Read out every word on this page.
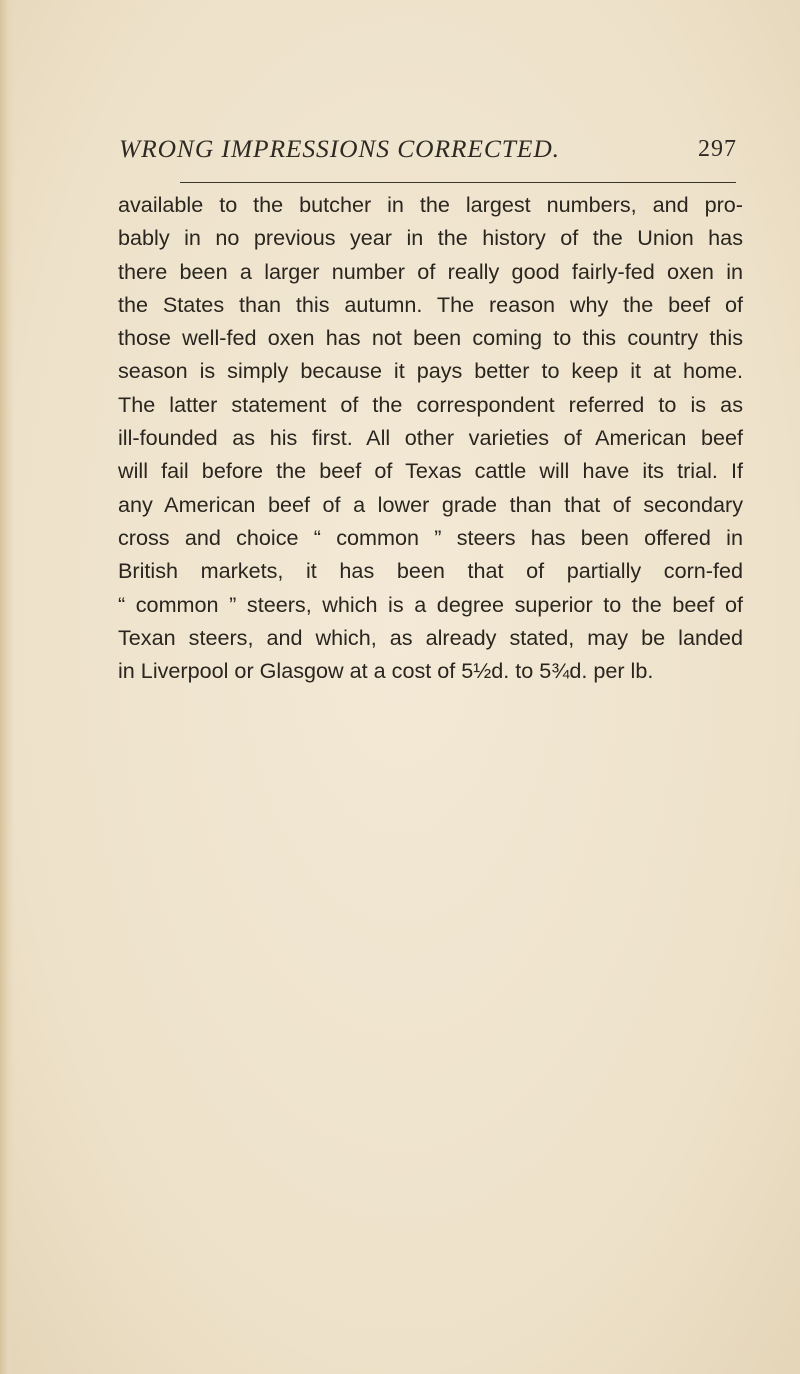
WRONG IMPRESSIONS CORRECTED.	297
available to the butcher in the largest numbers, and pro-
bably in no previous year in the history of the Union has
there been a larger number of really good fairly-fed oxen in
the States than this autumn. The reason why the beef of
those well-fed oxen has not been coming to this country this
season is simply because it pays better to keep it at home.
The latter statement of the correspondent referred to is as
ill-founded as his first. All other varieties of American beef
will fail before the beef of Texas cattle will have its trial. If
any American beef of a lower grade than that of secondary
cross and choice “ common ” steers has been offered in
British markets, it has been that of partially corn-fed
“ common ” steers, which is a degree superior to the beef of
Texan steers, and which, as already stated, may be landed
in Liverpool or Glasgow at a cost of 5½d. to 5¾d. per lb.
